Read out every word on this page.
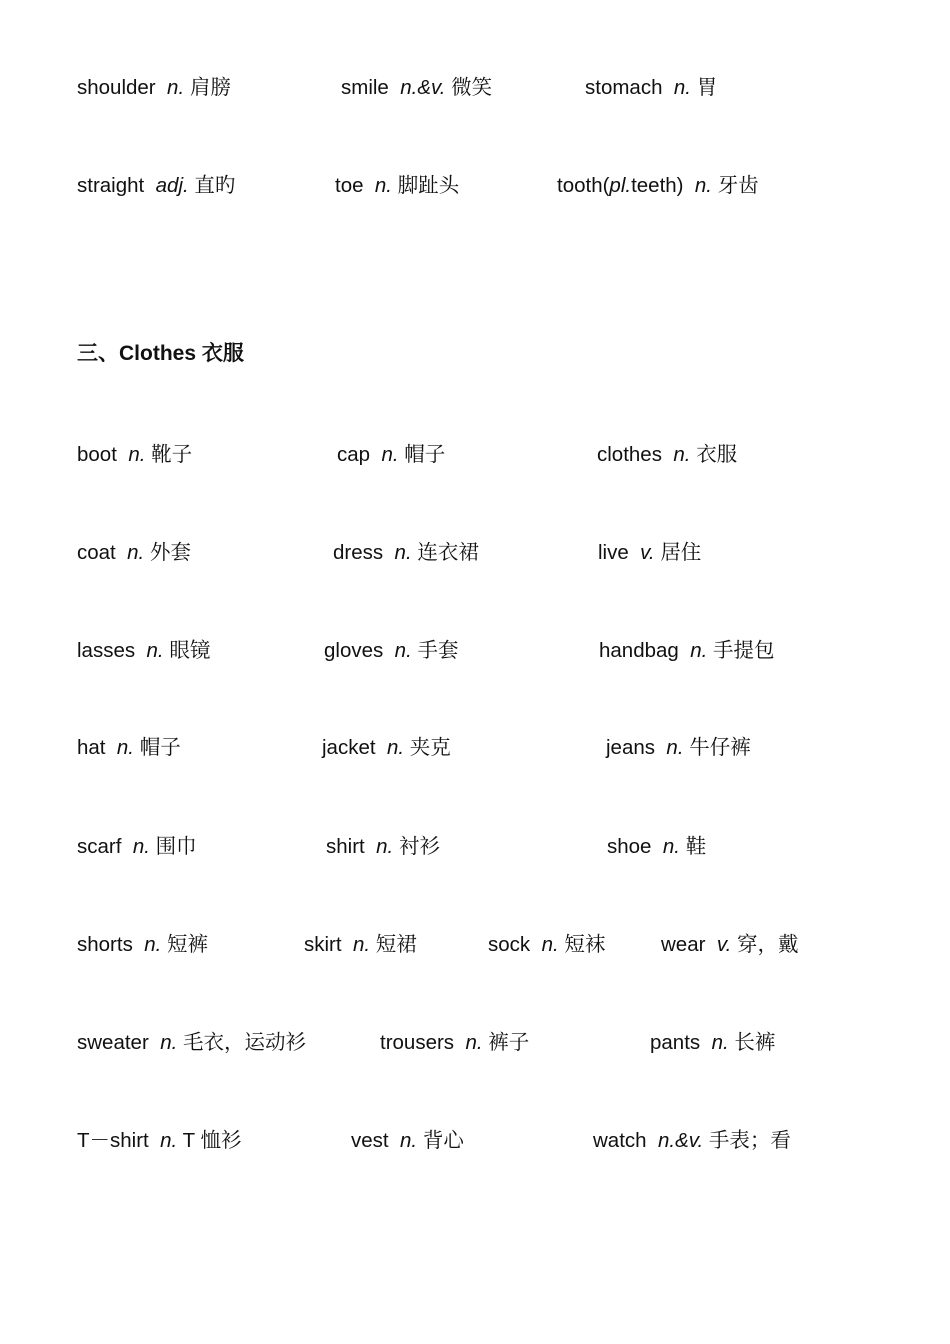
shoulder n. 肩膀	smile n.&v. 微笑	stomach n. 胃
straight adj. 直旳	toe n. 脚趾头	tooth(pl.teeth) n. 牙齿
三、Clothes 衣服
boot n. 靴子	cap n. 帽子	clothes n. 衣服
coat n. 外套	dress n. 连衣裙	live v. 居住
lasses n. 眼镜	gloves n. 手套	handbag n. 手提包
hat n. 帽子	jacket n. 夹克	jeans n. 牛仔裤
scarf n. 围巾	shirt n. 衬衫	shoe n. 鞋
shorts n. 短裤	skirt n. 短裙	sock n. 短袜	wear v. 穿，戴
sweater n. 毛衣，运动衫	trousers n. 裤子	pants n. 长裤
T－shirt n. T 恤衫	vest n. 背心	watch n.&v. 手表；看
